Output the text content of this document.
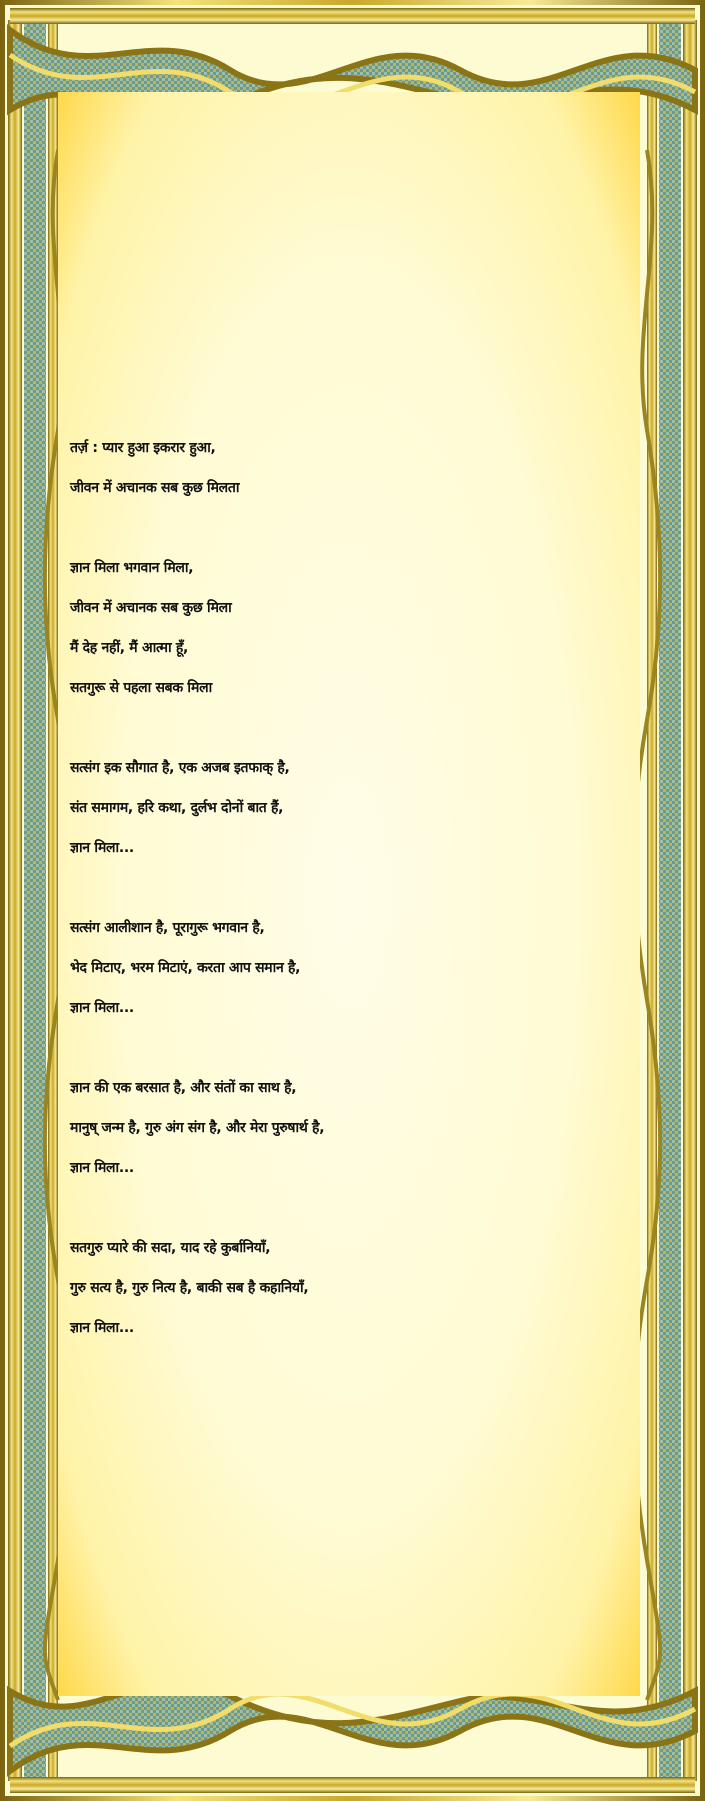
तर्ज़ : प्यार हुआ इकरार हुआ,
जीवन में अचानक सब कुछ मिलता
ज्ञान मिला भगवान मिला,
जीवन में अचानक सब कुछ मिला
मैं देह नहीं, मैं आत्मा हूँ,
सतगुरू से पहला सबक मिला
सत्संग इक सौगात है, एक अजब इतफाक् है,
संत समागम, हरि कथा, दुर्लभ दोनों बात हैं,
ज्ञान मिला...
सत्संग आलीशान है, पूरागुरू भगवान है,
भेद मिटाए, भरम मिटाएं, करता आप समान है,
ज्ञान मिला...
ज्ञान की एक बरसात है, और संतों का साथ है,
मानुष् जन्म है, गुरु अंग संग है, और मेरा पुरुषार्थ है,
ज्ञान मिला...
सतगुरु प्यारे की सदा, याद रहे कुर्बानियाँ,
गुरु सत्य है, गुरु नित्य है, बाकी सब है कहानियाँ,
ज्ञान मिला...
